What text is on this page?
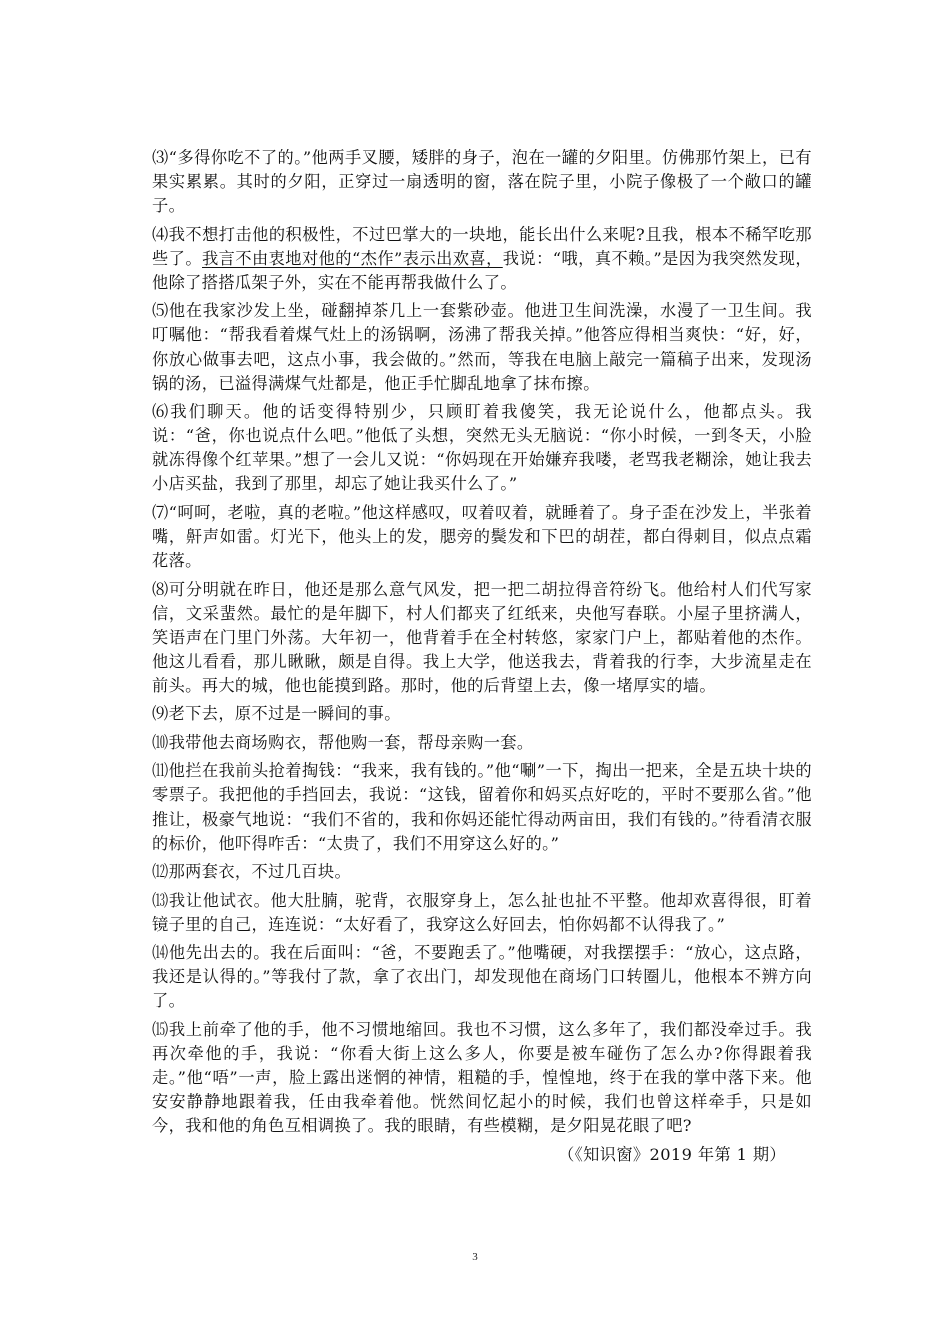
⑶“多得你吃不了的。”他两手叉腰，矮胖的身子，泡在一罐的夕阳里。仿佛那竹架上，已有果实累累。其时的夕阳，正穿过一扇透明的窗，落在院子里，小院子像极了一个敞口的罐子。

⑷我不想打击他的积极性，不过巴掌大的一块地，能长出什么来呢?且我，根本不稀罕吃那些了。我言不由衷地对他的“杰作”表示出欢喜，我说：“哦，真不赖。”是因为我突然发现，他除了搭搭瓜架子外，实在不能再帮我做什么了。

⑸他在我家沙发上坐，碰翻掉茶几上一套紫砂壶。他进卫生间洗澡，水漫了一卫生间。我叮嘱他：“帮我看着煤气灶上的汤锅啊，汤沸了帮我关掉。”他答应得相当爽快：“好，好，你放心做事去吧，这点小事，我会做的。”然而，等我在电脑上敲完一篇稿子出来，发现汤锅的汤，已溢得满煤气灶都是，他正手忙脚乱地拿了抹布擦。

⑹我们聊天。他的话变得特别少，只顾盯着我傻笑，我无论说什么，他都点头。我说：“爸，你也说点什么吧。”他低了头想，突然无头无脑说：“你小时候，一到冬天，小脸就冻得像个红苹果。”想了一会儿又说：“你妈现在开始嫌弃我喽，老骂我老糊涂，她让我去小店买盐，我到了那里，却忘了她让我买什么了。”

⑺“呵呵，老啦，真的老啦。”他这样感叹，叹着叹着，就睡着了。身子歪在沙发上，半张着嘴，鼾声如雷。灯光下，他头上的发，腮旁的鬓发和下巴的胡茬，都白得刺目，似点点霜花落。

⑻可分明就在昨日，他还是那么意气风发，把一把二胡拉得音符纷飞。他给村人们代写家信，文采蜚然。最忙的是年脚下，村人们都夹了红纸来，央他写春联。小屋子里挤满人，笑语声在门里门外荡。大年初一，他背着手在全村转悠，家家门户上，都贴着他的杰作。他这儿看看，那儿瞅瞅，颇是自得。我上大学，他送我去，背着我的行李，大步流星走在前头。再大的城，他也能摸到路。那时，他的后背望上去，像一堵厚实的墙。

⑼老下去，原不过是一瞬间的事。

⑽我带他去商场购衣，帮他购一套，帮母亲购一套。

⑾他拦在我前头抢着掏钱：“我来，我有钱的。”他“唰”一下，掏出一把来，全是五块十块的零票子。我把他的手挡回去，我说：“这钱，留着你和妈买点好吃的，平时不要那么省。”他推让，极豪气地说：“我们不省的，我和你妈还能忙得动两亩田，我们有钱的。”待看清衣服的标价，他吓得咋舌：“太贵了，我们不用穿这么好的。”

⑿那两套衣，不过几百块。

⒀我让他试衣。他大肚腩，驼背，衣服穿身上，怎么扯也扯不平整。他却欢喜得很，盯着镜子里的自己，连连说：“太好看了，我穿这么好回去，怕你妈都不认得我了。”

⒁他先出去的。我在后面叫：“爸，不要跑丢了。”他嘴硬，对我摆摆手：“放心，这点路，我还是认得的。”等我付了款，拿了衣出门，却发现他在商场门口转圈儿，他根本不辨方向了。

⒂我上前牵了他的手，他不习惯地缩回。我也不习惯，这么多年了，我们都没牵过手。我再次牵他的手，我说：“你看大街上这么多人，你要是被车碰伤了怎么办?你得跟着我走。”他“唔”一声，脸上露出迷惘的神情，粗糙的手，惶惶地，终于在我的掌中落下来。他安安静静地跟着我，任由我牵着他。恍然间忆起小的时候，我们也曾这样牵手，只是如今，我和他的角色互相调换了。我的眼睛，有些模糊，是夕阳晃花眼了吧?

（《知识窗》2019 年第 1 期）
3
